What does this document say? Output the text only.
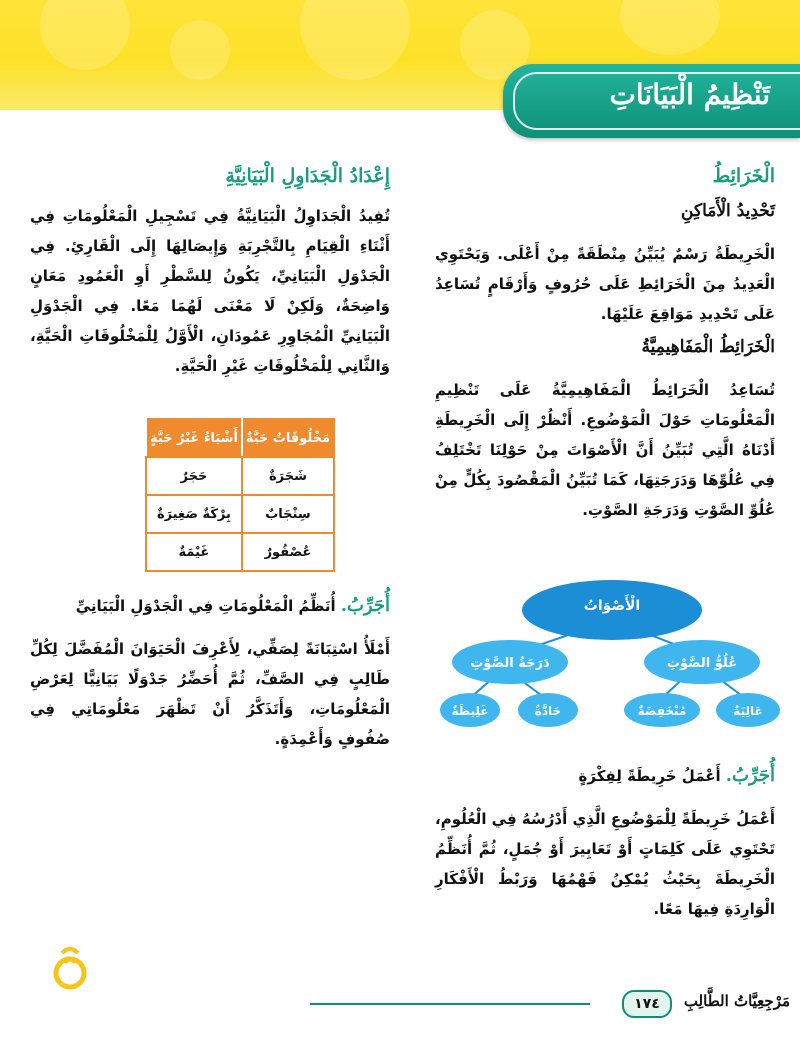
تَنْظِيمُ الْبَيَانَاتِ
الْخَرَائِطُ
تَحْدِيدُ الْأَمَاكِنِ

الْخَرِيطَةُ رَسْمٌ يُبَيِّنُ مِنْطَقَةً مِنْ أَعْلَى. وَيَحْتَوِي الْعَدِيدُ مِنَ الْخَرَائِطِ عَلَى حُرُوفٍ وَأَرْقَامٍ تُسَاعِدُ عَلَى تَحْدِيدِ مَوَاقِعَ عَلَيْهَا.

الْخَرَائِطُ الْمَفَاهِيمِيَّةُ

تُسَاعِدُ الْخَرَائِطُ الْمَفَاهِيمِيَّةُ عَلَى تَنْظِيمِ الْمَعْلُومَاتِ حَوْلَ الْمَوْضُوعِ. أَنْظُرْ إِلَى الْخَرِيطَةِ أَدْنَاهُ الَّتِي تُبَيِّنُ أَنَّ الْأَصْوَاتَ مِنْ حَوْلِنَا تَخْتَلِفُ فِي عُلُوِّهَا وَدَرَجَتِهَا، كَمَا تُبَيِّنُ الْمَقْصُودَ بِكُلٍّ مِنْ عُلُوِّ الصَّوْتِ وَدَرَجَةِ الصَّوْتِ.

الْأَصْوَاتُ
دَرَجَةُ الصَّوْتِ	عُلُوُّ الصَّوْتِ
غَلِيظَةٌ	حَادَّةٌ	مُنْخَفِضَةٌ	عَالِيَةٌ
أُجَرِّبُ. أَعْمَلُ خَرِيطَةً لِفِكْرَةٍ

أَعْمَلُ خَرِيطَةً لِلْمَوْضُوعِ الَّذِي أَدْرُسُهُ فِي الْعُلُومِ، تَحْتَوِي عَلَى كَلِمَاتٍ أَوْ تَعَابِيرَ أَوْ جُمَلٍ، ثُمَّ أُنَظِّمُ الْخَرِيطَةَ بِحَيْثُ يُمْكِنُ فَهْمُهَا وَرَبْطُ الْأَفْكَارِ الْوَارِدَةِ فِيهَا مَعًا.

إِعْدَادُ الْجَدَاوِلِ الْبَيَانِيَّةِ

تُفِيدُ الْجَدَاوِلُ الْبَيَانِيَّةُ فِي تَسْجِيلِ الْمَعْلُومَاتِ فِي أَثْنَاءِ الْقِيَامِ بِالتَّجْرِبَةِ وَإِيصَالِهَا إِلَى الْقَارِئِ. فِي الْجَدْوَلِ الْبَيَانِيِّ، يَكُونُ لِلسَّطْرِ أَوِ الْعَمُودِ مَعَانٍ وَاضِحَةٌ، وَلَكِنْ لَا مَعْنَى لَهُمَا مَعًا. فِي الْجَدْوَلِ الْبَيَانِيِّ الْمُجَاوِرِ عَمُودَانِ، الْأَوَّلُ لِلْمَخْلُوقَاتِ الْحَيَّةِ، وَالثَّانِي لِلْمَخْلُوقَاتِ غَيْرِ الْحَيَّةِ.

مَخْلُوقَاتٌ حَيَّةٌ	أَشْيَاءُ غَيْرُ حَيَّةٍ
شَجَرَةٌ	حَجَرٌ
سِنْجَابٌ	بِرْكَةٌ صَغِيرَةٌ
عُصْفُورٌ	غَيْمَةٌ
أُجَرِّبُ. أُنَظِّمُ الْمَعْلُومَاتِ فِي الْجَدْوَلِ الْبَيَانِيِّ

أَمْلَأُ اسْتِبَانَةً لِصَفِّي، لِأَعْرِفَ الْحَيَوَانَ الْمُفَضَّلَ لِكُلِّ طَالِبٍ فِي الصَّفِّ، ثُمَّ أُحَضِّرُ جَدْوَلًا بَيَانِيًّا لِعَرْضِ الْمَعْلُومَاتِ، وَأَتَذَكَّرُ أَنْ تَظْهَرَ مَعْلُومَاتِي فِي صُفُوفٍ وَأَعْمِدَةٍ.

مَرْجِعِيَّاتُ الطَّالِبِ
١٧٤
